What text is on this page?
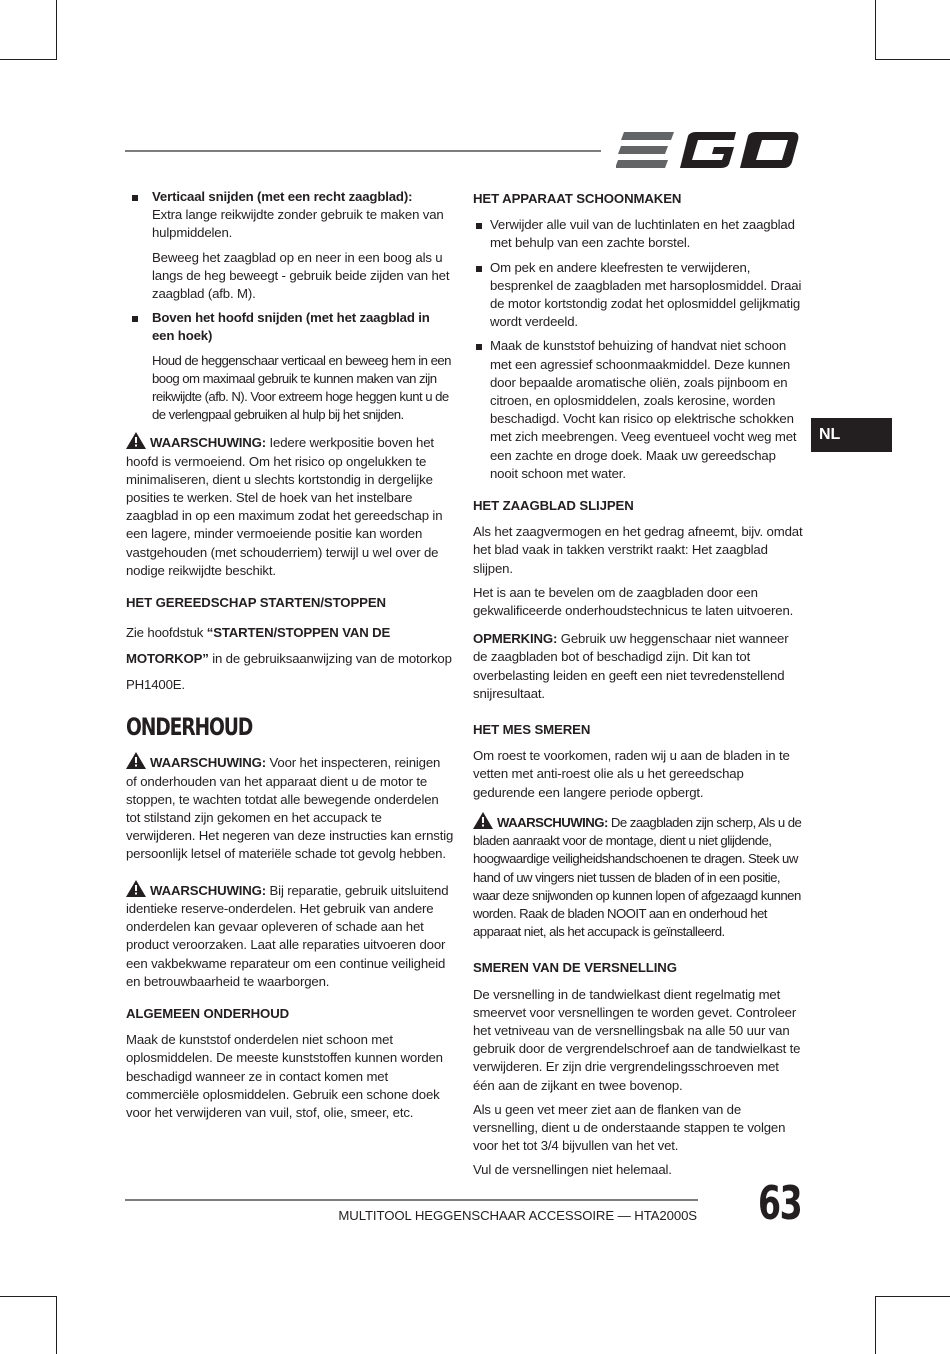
Verticaal snijden (met een recht zaagblad):
Extra lange reikwijdte zonder gebruik te maken van hulpmiddelen.

Beweeg het zaagblad op en neer in een boog als u langs de heg beweegt - gebruik beide zijden van het zaagblad (afb. M).

Boven het hoofd snijden (met het zaagblad in een hoek)

Houd de heggenschaar verticaal en beweeg hem in een boog om maximaal gebruik te kunnen maken van zijn reikwijdte (afb. N). Voor extreem hoge heggen kunt u de de verlengpaal gebruiken al hulp bij het snijden.

WAARSCHUWING: Iedere werkpositie boven het hoofd is vermoeiend. Om het risico op ongelukken te minimaliseren, dient u slechts kortstondig in dergelijke posities te werken. Stel de hoek van het instelbare zaagblad in op een maximum zodat het gereedschap in een lagere, minder vermoeiende positie kan worden vastgehouden (met schouderriem) terwijl u wel over de nodige reikwijdte beschikt.

HET GEREEDSCHAP STARTEN/STOPPEN

Zie hoofdstuk “STARTEN/STOPPEN VAN DE MOTORKOP” in de gebruiksaanwijzing van de motorkop PH1400E.

ONDERHOUD

WAARSCHUWING: Voor het inspecteren, reinigen of onderhouden van het apparaat dient u de motor te stoppen, te wachten totdat alle bewegende onderdelen tot stilstand zijn gekomen en het accupack te verwijderen. Het negeren van deze instructies kan ernstig persoonlijk letsel of materiële schade tot gevolg hebben.

WAARSCHUWING: Bij reparatie, gebruik uitsluitend identieke reserve-onderdelen. Het gebruik van andere onderdelen kan gevaar opleveren of schade aan het product veroorzaken. Laat alle reparaties uitvoeren door een vakbekwame reparateur om een continue veiligheid en betrouwbaarheid te waarborgen.

ALGEMEEN ONDERHOUD

Maak de kunststof onderdelen niet schoon met oplosmiddelen. De meeste kunststoffen kunnen worden beschadigd wanneer ze in contact komen met commerciële oplosmiddelen. Gebruik een schone doek voor het verwijderen van vuil, stof, olie, smeer, etc.

HET APPARAAT SCHOONMAKEN
Verwijder alle vuil van de luchtinlaten en het zaagblad met behulp van een zachte borstel.
Om pek en andere kleefresten te verwijderen, besprenkel de zaagbladen met harsoplosmiddel. Draai de motor kortstondig zodat het oplosmiddel gelijkmatig wordt verdeeld.
Maak de kunststof behuizing of handvat niet schoon met een agressief schoonmaakmiddel. Deze kunnen door bepaalde aromatische oliën, zoals pijnboom en citroen, en oplosmiddelen, zoals kerosine, worden beschadigd. Vocht kan risico op elektrische schokken met zich meebrengen. Veeg eventueel vocht weg met een zachte en droge doek. Maak uw gereedschap nooit schoon met water.
HET ZAAGBLAD SLIJPEN

Als het zaagvermogen en het gedrag afneemt, bijv. omdat het blad vaak in takken verstrikt raakt: Het zaagblad slijpen.

Het is aan te bevelen om de zaagbladen door een gekwalificeerde onderhoudstechnicus te laten uitvoeren.

OPMERKING: Gebruik uw heggenschaar niet wanneer de zaagbladen bot of beschadigd zijn. Dit kan tot overbelasting leiden en geeft een niet tevredenstellend snijresultaat.

HET MES SMEREN

Om roest te voorkomen, raden wij u aan de bladen in te vetten met anti-roest olie als u het gereedschap gedurende een langere periode opbergt.

WAARSCHUWING: De zaagbladen zijn scherp, Als u de bladen aanraakt voor de montage, dient u niet glijdende, hoogwaardige veiligheidshandschoenen te dragen. Steek uw hand of uw vingers niet tussen de bladen of in een positie, waar deze snijwonden op kunnen lopen of afgezaagd kunnen worden. Raak de bladen NOOIT aan en onderhoud het apparaat niet, als het accupack is geïnstalleerd.

SMEREN VAN DE VERSNELLING

De versnelling in de tandwielkast dient regelmatig met smeervet voor versnellingen te worden gevet. Controleer het vetniveau van de versnellingsbak na alle 50 uur van gebruik door de vergrendelschroef aan de tandwielkast te verwijderen. Er zijn drie vergrendelingsschroeven met één aan de zijkant en twee bovenop.

Als u geen vet meer ziet aan de flanken van de versnelling, dient u de onderstaande stappen te volgen voor het tot 3/4 bijvullen van het vet.

Vul de versnellingen niet helemaal.

NL
MULTITOOL HEGGENSCHAAR ACCESSOIRE — HTA2000S 63
